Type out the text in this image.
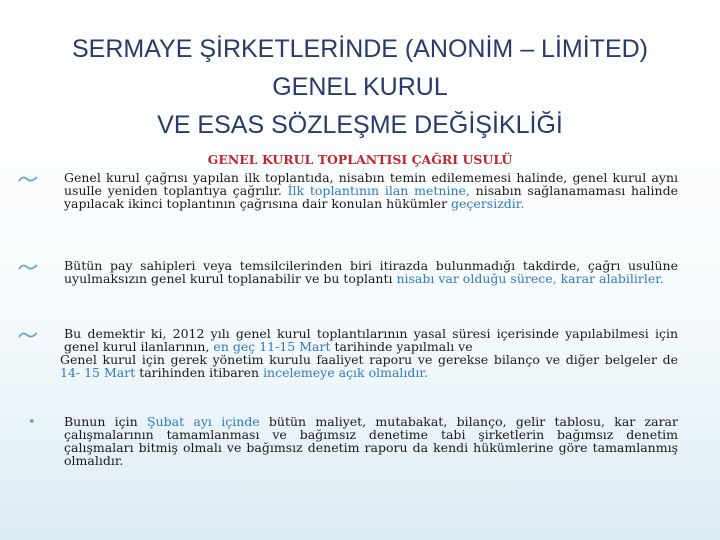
SERMAYE ŞİRKETLERİNDE (ANONİM – LİMİTED)
GENEL KURUL
VE ESAS SÖZLEŞME DEĞİŞİKLİĞİ
GENEL KURUL TOPLANTISI ÇAĞRI USULÜ
Genel kurul çağrısı yapılan ilk toplantıda, nisabın temin edilememesi halinde, genel kurul aynı usulle yeniden toplantıya çağrılır. İlk toplantının ilan metnine, nisabın sağlanamaması halinde yapılacak ikinci toplantının çağrısına dair konulan hükümler geçersizdir.
Bütün pay sahipleri veya temsilcilerinden biri itirazda bulunmadığı takdirde, çağrı usulüne uyulmaksızın genel kurul toplanabilir ve bu toplantı nisabı var olduğu sürece, karar alabilirler.
Bu demektir ki, 2012 yılı genel kurul toplantılarının yasal süresi içerisinde yapılabilmesi için genel kurul ilanlarının, en geç 11-15 Mart tarihinde yapılmalı ve
Genel kurul için gerek yönetim kurulu faaliyet raporu ve gerekse bilanço ve diğer belgeler de 14- 15 Mart tarihinden itibaren incelemeye açık olmalıdır.
•	Bunun için Şubat ayı içinde bütün maliyet, mutabakat, bilanço, gelir tablosu, kar zarar çalışmalarının tamamlanması ve bağımsız denetime tabi şirketlerin bağımsız denetim çalışmaları bitmiş olmalı ve bağımsız denetim raporu da kendi hükümlerine göre tamamlanmış olmalıdır.
